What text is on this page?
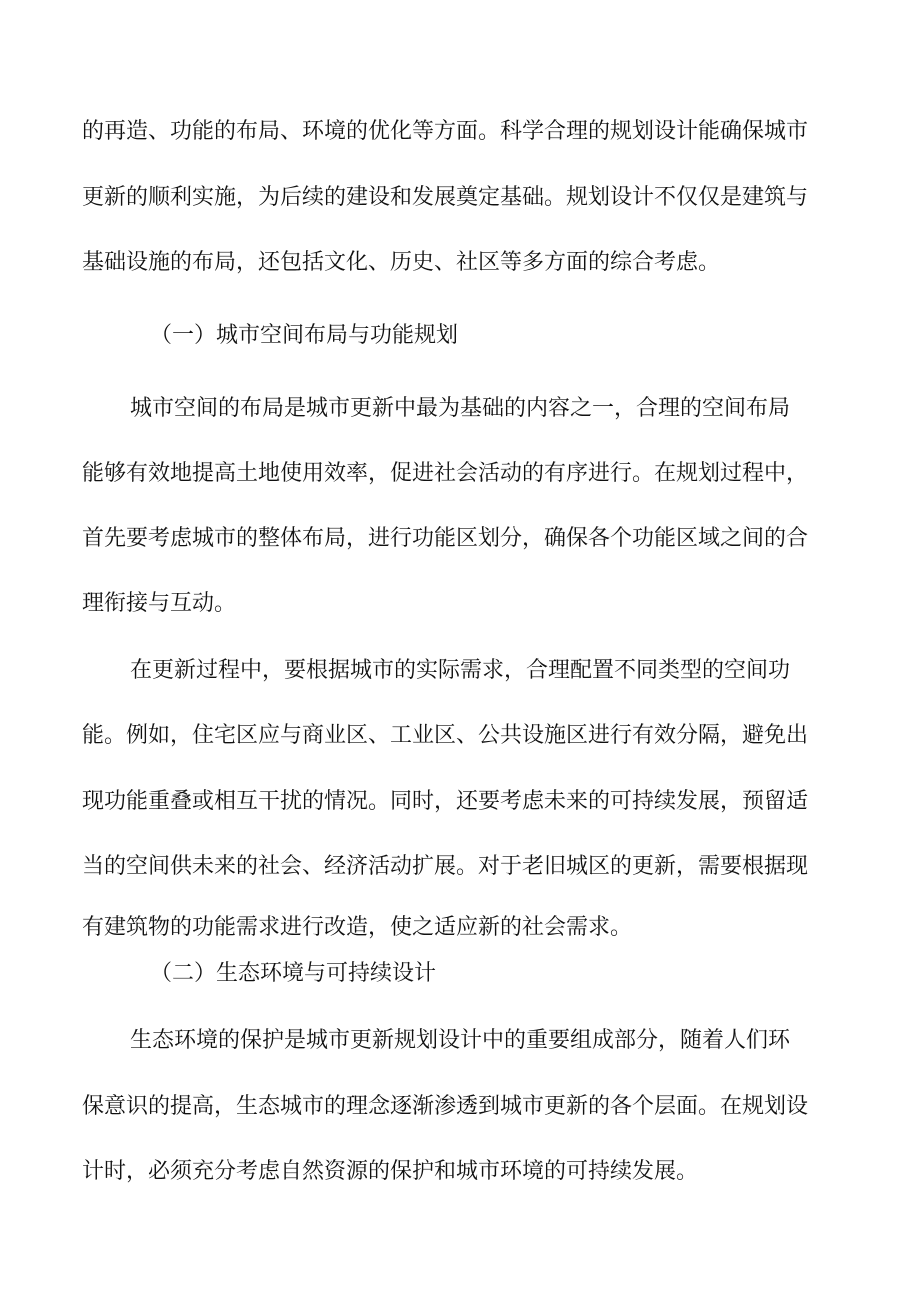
的再造、功能的布局、环境的优化等方面。科学合理的规划设计能确保城市
更新的顺利实施，为后续的建设和发展奠定基础。规划设计不仅仅是建筑与
基础设施的布局，还包括文化、历史、社区等多方面的综合考虑。
（一）城市空间布局与功能规划
城市空间的布局是城市更新中最为基础的内容之一，合理的空间布局
能够有效地提高土地使用效率，促进社会活动的有序进行。在规划过程中，
首先要考虑城市的整体布局，进行功能区划分，确保各个功能区域之间的合
理衔接与互动。
在更新过程中，要根据城市的实际需求，合理配置不同类型的空间功
能。例如，住宅区应与商业区、工业区、公共设施区进行有效分隔，避免出
现功能重叠或相互干扰的情况。同时，还要考虑未来的可持续发展，预留适
当的空间供未来的社会、经济活动扩展。对于老旧城区的更新，需要根据现
有建筑物的功能需求进行改造，使之适应新的社会需求。
（二）生态环境与可持续设计
生态环境的保护是城市更新规划设计中的重要组成部分，随着人们环
保意识的提高，生态城市的理念逐渐渗透到城市更新的各个层面。在规划设
计时，必须充分考虑自然资源的保护和城市环境的可持续发展。
